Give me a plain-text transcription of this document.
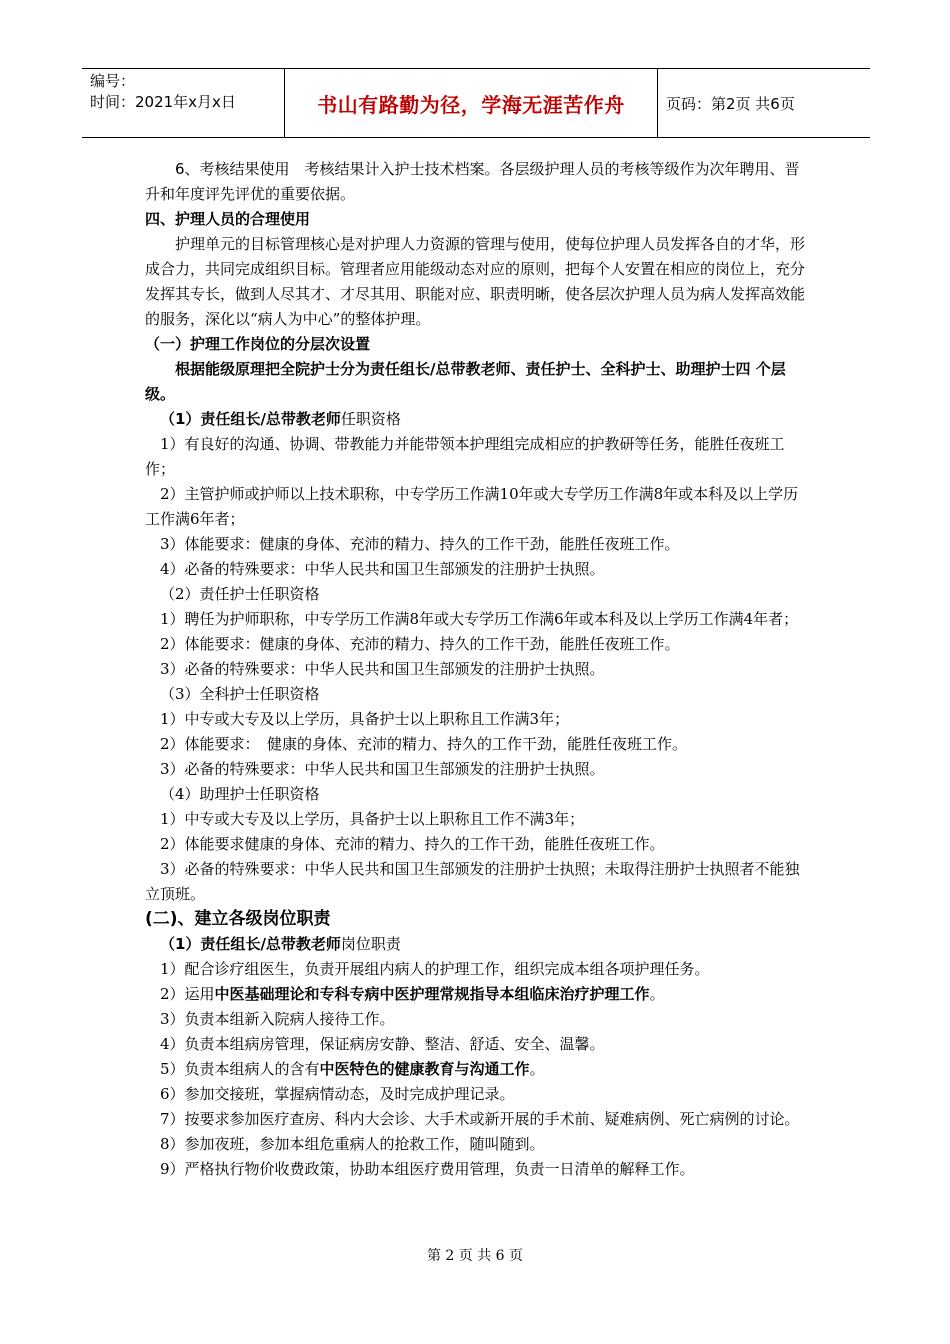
编号：
时间：2021年x月x日	书山有路勤为径，学海无涯苦作舟	页码：第2页 共6页

6、考核结果使用　考核结果计入护士技术档案。各层级护理人员的考核等级作为次年聘用、晋升和年度评先评优的重要依据。

四、护理人员的合理使用

护理单元的目标管理核心是对护理人力资源的管理与使用，使每位护理人员发挥各自的才华，形成合力，共同完成组织目标。管理者应用能级动态对应的原则，把每个人安置在相应的岗位上，充分发挥其专长，做到人尽其才、才尽其用、职能对应、职责明晰，使各层次护理人员为病人发挥高效能的服务，深化以“病人为中心”的整体护理。

（一）护理工作岗位的分层次设置

根据能级原理把全院护士分为责任组长/总带教老师、责任护士、全科护士、助理护士四 个层级。

（1）责任组长/总带教老师任职资格

1）有良好的沟通、协调、带教能力并能带领本护理组完成相应的护教研等任务，能胜任夜班工作；

2）主管护师或护师以上技术职称，中专学历工作满10年或大专学历工作满8年或本科及以上学历工作满6年者；

3）体能要求：健康的身体、充沛的精力、持久的工作干劲，能胜任夜班工作。

4）必备的特殊要求：中华人民共和国卫生部颁发的注册护士执照。

（2）责任护士任职资格

1）聘任为护师职称，中专学历工作满8年或大专学历工作满6年或本科及以上学历工作满4年者；

2）体能要求：健康的身体、充沛的精力、持久的工作干劲，能胜任夜班工作。

3）必备的特殊要求：中华人民共和国卫生部颁发的注册护士执照。

（3）全科护士任职资格

1）中专或大专及以上学历，具备护士以上职称且工作满3年；

2）体能要求：　健康的身体、充沛的精力、持久的工作干劲，能胜任夜班工作。

3）必备的特殊要求：中华人民共和国卫生部颁发的注册护士执照。

（4）助理护士任职资格

1）中专或大专及以上学历，具备护士以上职称且工作不满3年；

2）体能要求健康的身体、充沛的精力、持久的工作干劲，能胜任夜班工作。

3）必备的特殊要求：中华人民共和国卫生部颁发的注册护士执照；未取得注册护士执照者不能独立顶班。

(二)、建立各级岗位职责

（1）责任组长/总带教老师岗位职责

1）配合诊疗组医生，负责开展组内病人的护理工作，组织完成本组各项护理任务。

2）运用中医基础理论和专科专病中医护理常规指导本组临床治疗护理工作。

3）负责本组新入院病人接待工作。

4）负责本组病房管理，保证病房安静、整洁、舒适、安全、温馨。

5）负责本组病人的含有中医特色的健康教育与沟通工作。

6）参加交接班，掌握病情动态，及时完成护理记录。

7）按要求参加医疗查房、科内大会诊、大手术或新开展的手术前、疑难病例、死亡病例的讨论。

8）参加夜班，参加本组危重病人的抢救工作，随叫随到。

9）严格执行物价收费政策，协助本组医疗费用管理，负责一日清单的解释工作。

第 2 页 共 6 页
